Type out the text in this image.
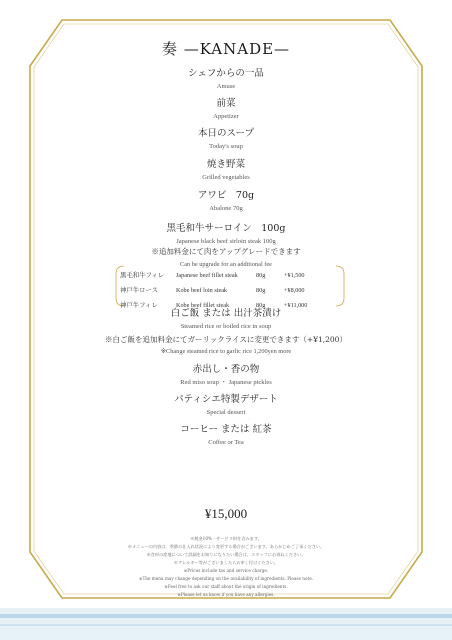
奏 —KANADE—
シェフからの一品
Amuse
前菜
Appetizer
本日のスープ
Today's soup
焼き野菜
Grilled vegetables
アワビ　70g
Abalone 70g
黒毛和牛サーロイン　100g
Japanese black beef sirloin steak 100g
※追加料金にて肉をアップグレードできます
Can be upgrade for an additional fee
黒毛和牛フィレ	Japanese beef fillet steak	80g	+¥1,500
神戸牛ロース	Kobe beef loin steak	80g	+¥8,000
神戸牛フィレ	Kobe beef fillet steak	80g	+¥11,000
白ご飯 または 出汁茶漬け
Steamed rice or boiled rice in soup
※白ご飯を追加料金にてガーリックライスに変更できます（+¥1,200）
※Change steamed rice to garlic rice 1,200yen more
赤出し・香の物
Red miso soup ・ Japanese pickles
パティシエ特製デザート
Special dessert
コーヒー または 紅茶
Coffee or Tea
¥15,000
※税金10%・サービス料を含みます。
※メニューの内容は、季節の仕入れ状況により変更する場合がございます。あらかじめご了承ください。
※食材の産地について詳細をお知りになりたい場合は、スタッフにお尋ねください。
※アレルギー等がございましたらお申し付けください。
※Prices include tax and service charge.
※The menu may change depending on the availability of ingredients. Please note.
※Feel free to ask our staff about the origin of ingredients.
※Please let us know if you have any allergies.
